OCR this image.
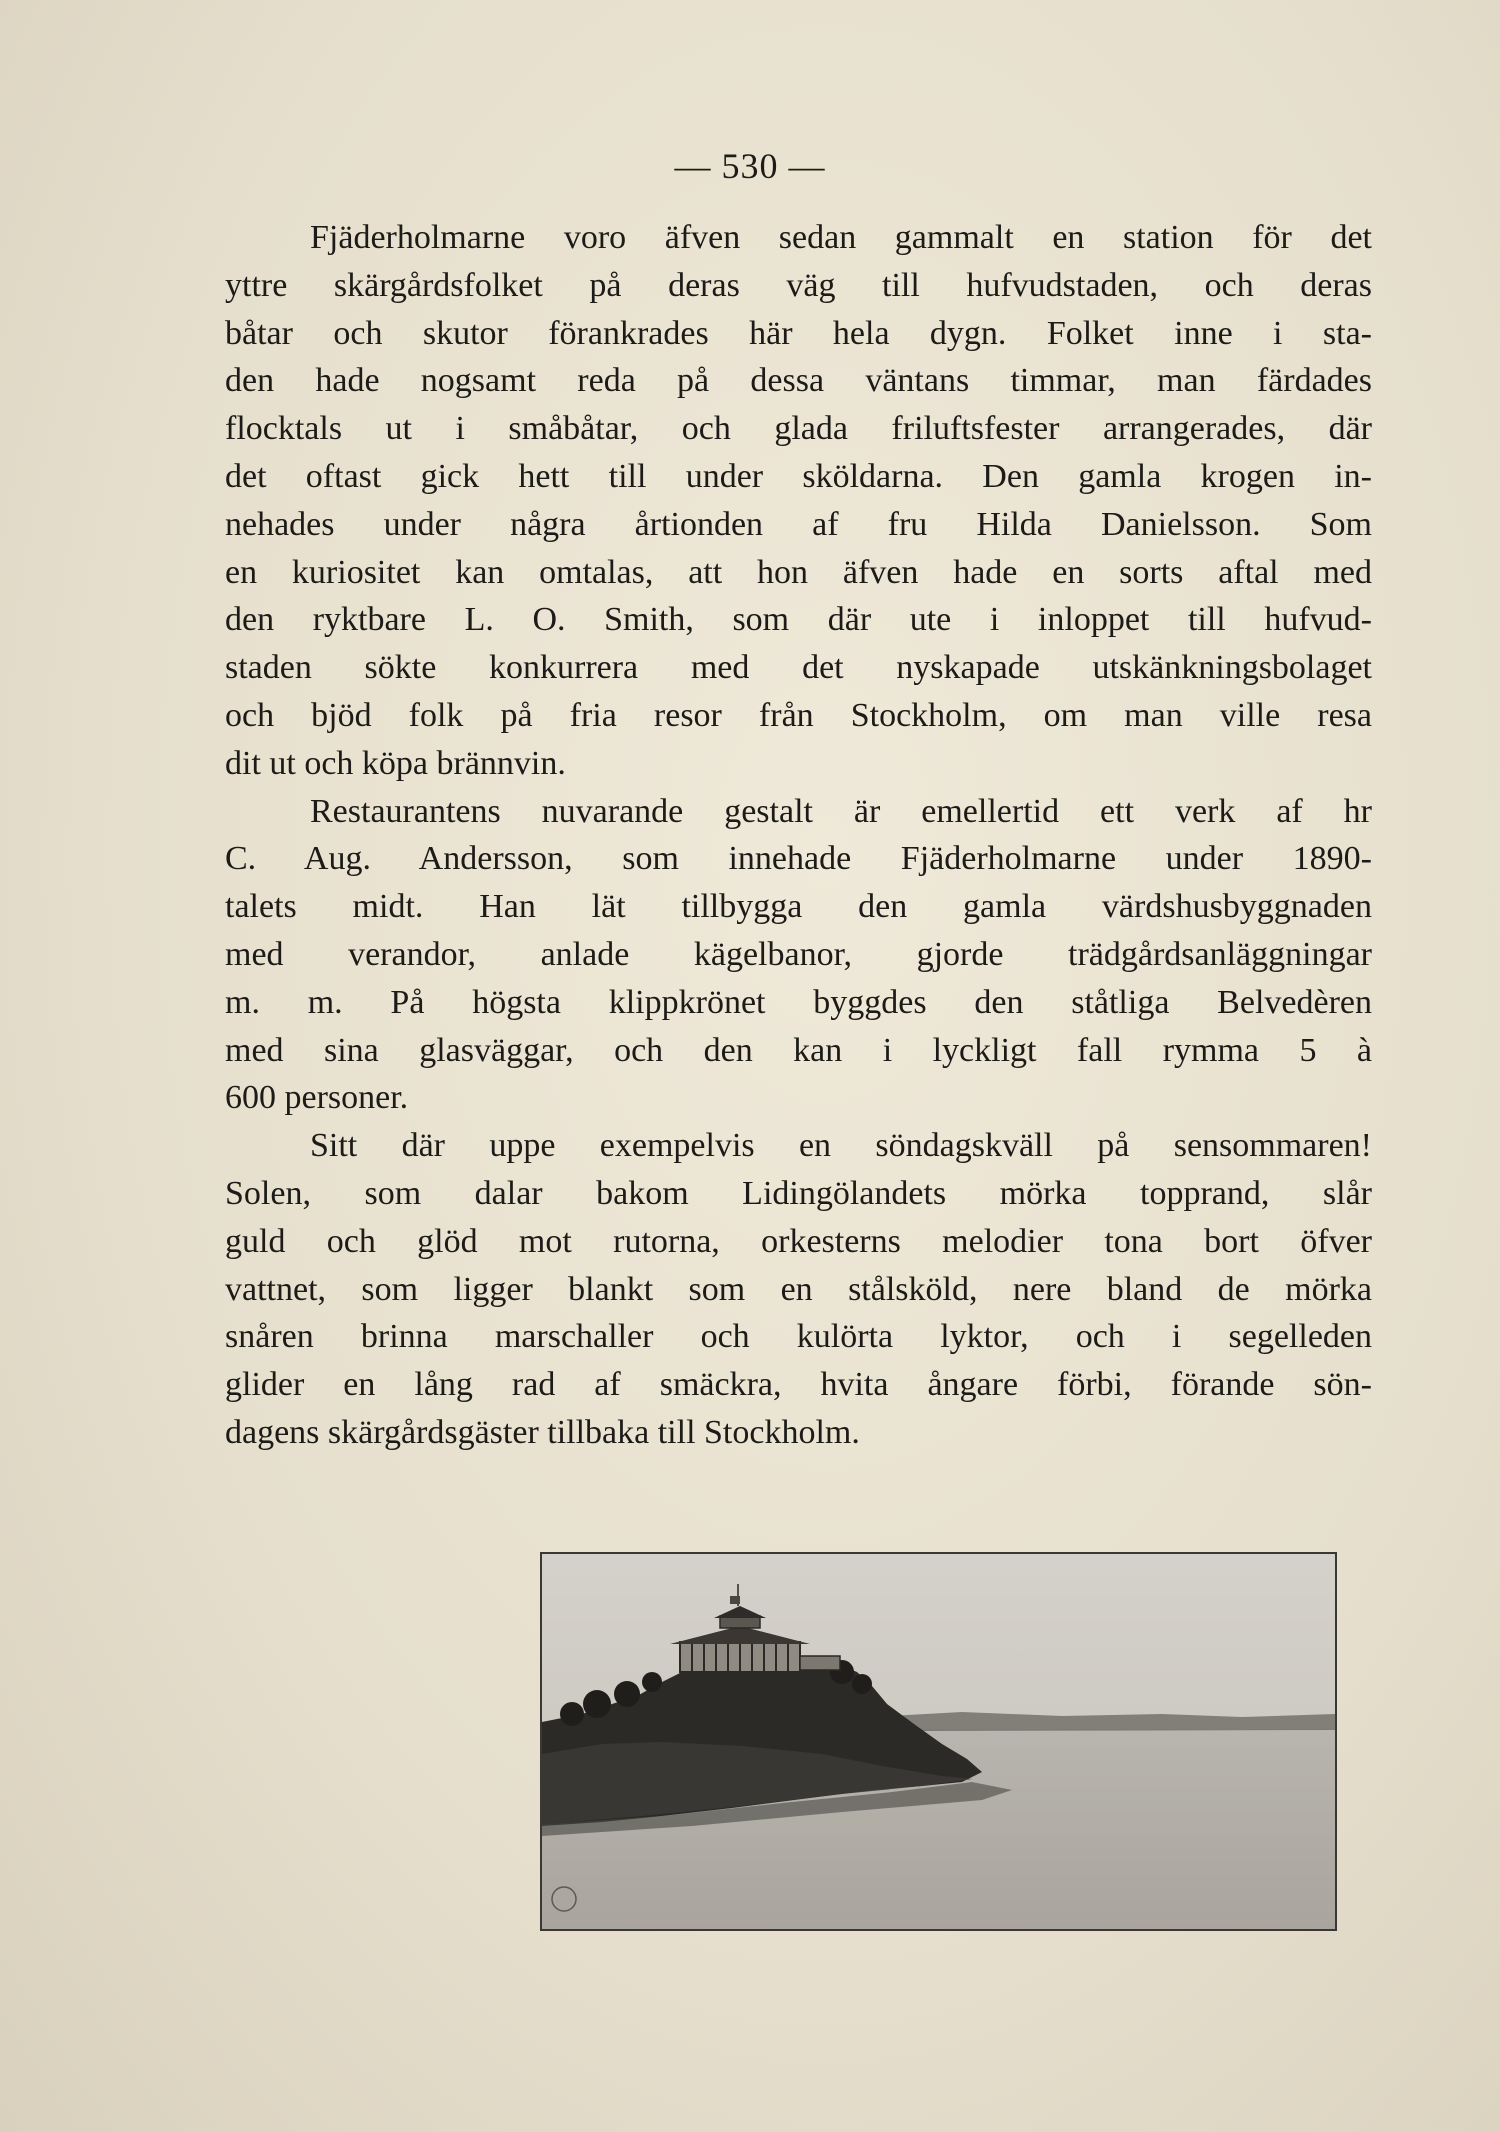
— 530 —
Fjäderholmarne voro äfven sedan gammalt en station för det
yttre skärgårdsfolket på deras väg till hufvudstaden, och deras
båtar och skutor förankrades här hela dygn. Folket inne i sta-
den hade nogsamt reda på dessa väntans timmar, man färdades
flocktals ut i småbåtar, och glada friluftsfester arrangerades, där
det oftast gick hett till under sköldarna. Den gamla krogen in-
nehades under några årtionden af fru Hilda Danielsson. Som
en kuriositet kan omtalas, att hon äfven hade en sorts aftal med
den ryktbare L. O. Smith, som där ute i inloppet till hufvud-
staden sökte konkurrera med det nyskapade utskänkningsbolaget
och bjöd folk på fria resor från Stockholm, om man ville resa
dit ut och köpa brännvin.
Restaurantens nuvarande gestalt är emellertid ett verk af hr
C. Aug. Andersson, som innehade Fjäderholmarne under 1890-
talets midt. Han lät tillbygga den gamla värdshusbyggnaden
med verandor, anlade kägelbanor, gjorde trädgårdsanläggningar
m. m. På högsta klippkrönet byggdes den ståtliga Belvedèren
med sina glasväggar, och den kan i lyckligt fall rymma 5 à
600 personer.
Sitt där uppe exempelvis en söndagskväll på sensommaren!
Solen, som dalar bakom Lidingölandets mörka topprand, slår
guld och glöd mot rutorna, orkesterns melodier tona bort öfver
vattnet, som ligger blankt som en stålsköld, nere bland de mörka
snåren brinna marschaller och kulörta lyktor, och i segelleden
glider en lång rad af smäckra, hvita ångare förbi, förande sön-
dagens skärgårdsgäster tillbaka till Stockholm.
